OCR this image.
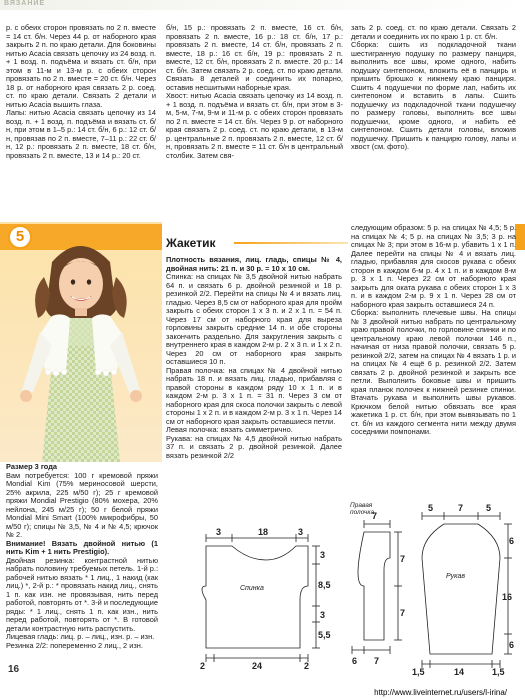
ВЯЗАНИЕ

р. с обеих сторон провязать по 2 п. вместе = 14 ст. б/н. Через 44 р. от наборного края закрыть 2 п. по краю детали. Для боковины нитью Acacia связать цепочку из 24 возд. п. + 1 возд. п. подъёма и вязать ст. б/н, при этом в 11-м и 13-м р. с обеих сторон провязать по 2 п. вместе = 20 ст. б/н. Через 18 р. от наборного края связать 2 р. соед. ст. по краю детали. Связать 2 детали и нитью Acacia вышить глаза.

Лапы: нитью Acacia связать цепочку из 14 возд. п. + 1 возд. п. подъёма и вязать ст. б/н, при этом в 1–5 р.: 14 ст. б/н, 6 р.: 12 ст. б/н, провязав по 2 п. вместе, 7–11 р.: 22 ст. б/н, 12 р.: провязать 2 п. вместе, 18 ст. б/н, провязать 2 п. вместе, 13 и 14 р.: 20 ст.

б/н, 15 р.: провязать 2 п. вместе, 16 ст. б/н, провязать 2 п. вместе, 16 р.: 18 ст. б/н, 17 р.: провязать 2 п. вместе, 14 ст. б/н, провязать 2 п. вместе, 18 р.: 16 ст. б/н, 19 р.: провязать 2 п. вместе, 12 ст. б/н, провязать 2 п. вместе. 20 р.: 14 ст. б/н. Затем связать 2 р. соед. ст. по краю детали. Связать 8 деталей и соединить их попарно, оставив несшитыми наборные края.

Хвост: нитью Acacia связать цепочку из 14 возд. п. + 1 возд. п. подъёма и вязать ст. б/н, при этом в 3-м, 5-м, 7-м, 9-м и 11-м р. с обеих сторон провязать по 2 п. вместе = 14 ст. б/н. Через 9 р. от наборного края связать 2 р. соед. ст. по краю детали, в 13-м р. центральные 2 п. провязать 2 п. вместе, 12 ст. б/н, провязать 2 п. вместе = 11 ст. б/н в центральный столбик. Затем свя-

зать 2 р. соед. ст. по краю детали. Связать 2 детали и соединить их по краю 1 р. ст. б/н.

Сборка: сшить из подкладочной ткани шестигранную подушку по размеру панциря, выполнить все швы, кроме одного, набить подушку синтепоном, вложить её в панцирь и пришить брюшко к нижнему краю панциря. Сшить 4 подушечки по форме лап, набить их синтепоном и вставить в лапы. Сшить подушечку из подкладочной ткани подушечку по размеру головы, выполнить все швы подушечки, кроме одного, и набить её синтепоном. Сшить детали головы, вложив подушечку. Пришить к панцирю голову, лапы и хвост (см. фото).

5	Жакетик

Размер 3 года

Вам потребуется: 100 г кремовой пряжи Mondial Kim (75% мериносовой шерсти, 25% акрила, 225 м/50 г); 25 г кремовой пряжи Mondial Prestigio (80% мохера, 20% нейлона, 245 м/25 г); 50 г белой пряжи Mondial Mini Smart (100% микрофибры, 50 м/50 г); спицы № 3,5, № 4 и № 4,5; крючок № 2.

Внимание! Вязать двойной нитью (1 нить Kim + 1 нить Prestigio).

Двойная резинка: контрастной нитью набрать половину требуемых петель. 1-й р.: рабочей нитью вязать * 1 лиц., 1 накид (как лиц.) *, 2-й р.: * провязать накид лиц., снять 1 п. как изн. не провязывая, нить перед работой, повторять от *. 3-й и последующие ряды: * 1 лиц., снять 1 п. как изн., нить перед работой, повторять от *. В готовой детали контрастную нить распустить.

Лицевая гладь: лиц. р. – лиц., изн. р. – изн.

Резинка 2/2: попеременно 2 лиц., 2 изн.

Плотность вязания, лиц. гладь, спицы № 4, двойная нить: 21 п. и 30 р. = 10 х 10 см.

Спинка: на спицах № 3,5 двойной нитью набрать 64 п. и связать 6 р. двойной резинкой и 18 р. резинкой 2/2. Перейти на спицы № 4 и вязать лиц. гладью. Через 8,5 см от наборного края для пройм закрыть с обеих сторон 1 х 3 п. и 2 х 1 п. = 54 п. Через 17 см от наборного края для выреза горловины закрыть средние 14 п. и обе стороны закончить раздельно. Для закругления закрыть с внутреннего края в каждом 2-м р. 2 х 3 п. и 1 х 2 п. Через 20 см от наборного края закрыть оставшиеся 10 п.

Правая полочка: на спицах № 4 двойной нитью набрать 18 п. и вязать лиц. гладью, прибавляя с правой стороны в каждом ряду 10 х 1 п. и в каждом 2-м р. 3 х 1 п. = 31 п. Через 3 см от наборного края для скоса полочки закрыть с левой стороны 1 х 2 п. и в каждом 2-м р. 3 х 1 п. Через 14 см от наборного края закрыть оставшиеся петли.

Левая полочка: вязать симметрично.

Рукава: на спицах № 4,5 двойной нитью набрать 37 п. и связать 2 р. двойной резинкой. Далее вязать резинкой 2/2

следующим образом: 5 р. на спицах № 4,5; 5 р. на спицах № 4; 5 р. на спицах № 3,5; 3 р. на спицах № 3; при этом в 16-м р. убавить 1 х 1 п. Далее перейти на спицы № 4 и вязать лиц. гладью, прибавляя для скосов рукава с обеих сторон в каждом 6-м р. 4 х 1 п. и в каждом 8-м р. 3 х 1 п. Через 22 см от наборного края закрыть для оката рукава с обеих сторон 1 х 3 п. и в каждом 2-м р. 9 х 1 п. Через 28 см от наборного края закрыть оставшиеся 24 п.

Сборка: выполнить плечевые швы. На спицы № 3 двойной нитью набрать по центральному краю правой полочки, по горловине спинки и по центральному краю левой полочки 146 п., начиная от низа правой полочки, связать 5 р. резинкой 2/2, затем на спицах № 4 вязать 1 р. и на спицах № 4 ещё 6 р. резинкой 2/2. Затем связать 2 р. двойной резинкой и закрыть все петли. Выполнить боковые швы и пришить края планок полочек к нижней резинке спинки. Втачать рукава и выполнить швы рукавов. Крючком белой нитью обвязать все края жакетика 1 р. ст. б/н, при этом вывязывать по 1 ст. б/н из каждого сегмента нити между двумя соседними помпонами.

Спинка
3	18	3
3
8,5
3
5,5
2	24	2
Правая
полочка
7
7
7
6 7
Рукав
5	7	5
6
16
6
1,5	14	1,5
16
http://www.liveinternet.ru/users/l-irina/
